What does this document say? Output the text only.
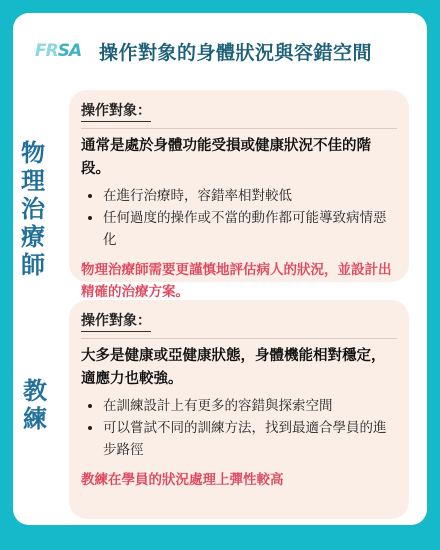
FRSA 操作對象的身體狀況與容錯空間
物理治療師
操作對象：
通常是處於身體功能受損或健康狀況不佳的階段。
• 在進行治療時，容錯率相對較低
• 任何過度的操作或不當的動作都可能導致病情惡化
物理治療師需要更謹慎地評估病人的狀況，並設計出精確的治療方案。
教練
操作對象：
大多是健康或亞健康狀態，身體機能相對穩定，適應力也較強。
• 在訓練設計上有更多的容錯與探索空間
• 可以嘗試不同的訓練方法，找到最適合學員的進步路徑
教練在學員的狀況處理上彈性較高
